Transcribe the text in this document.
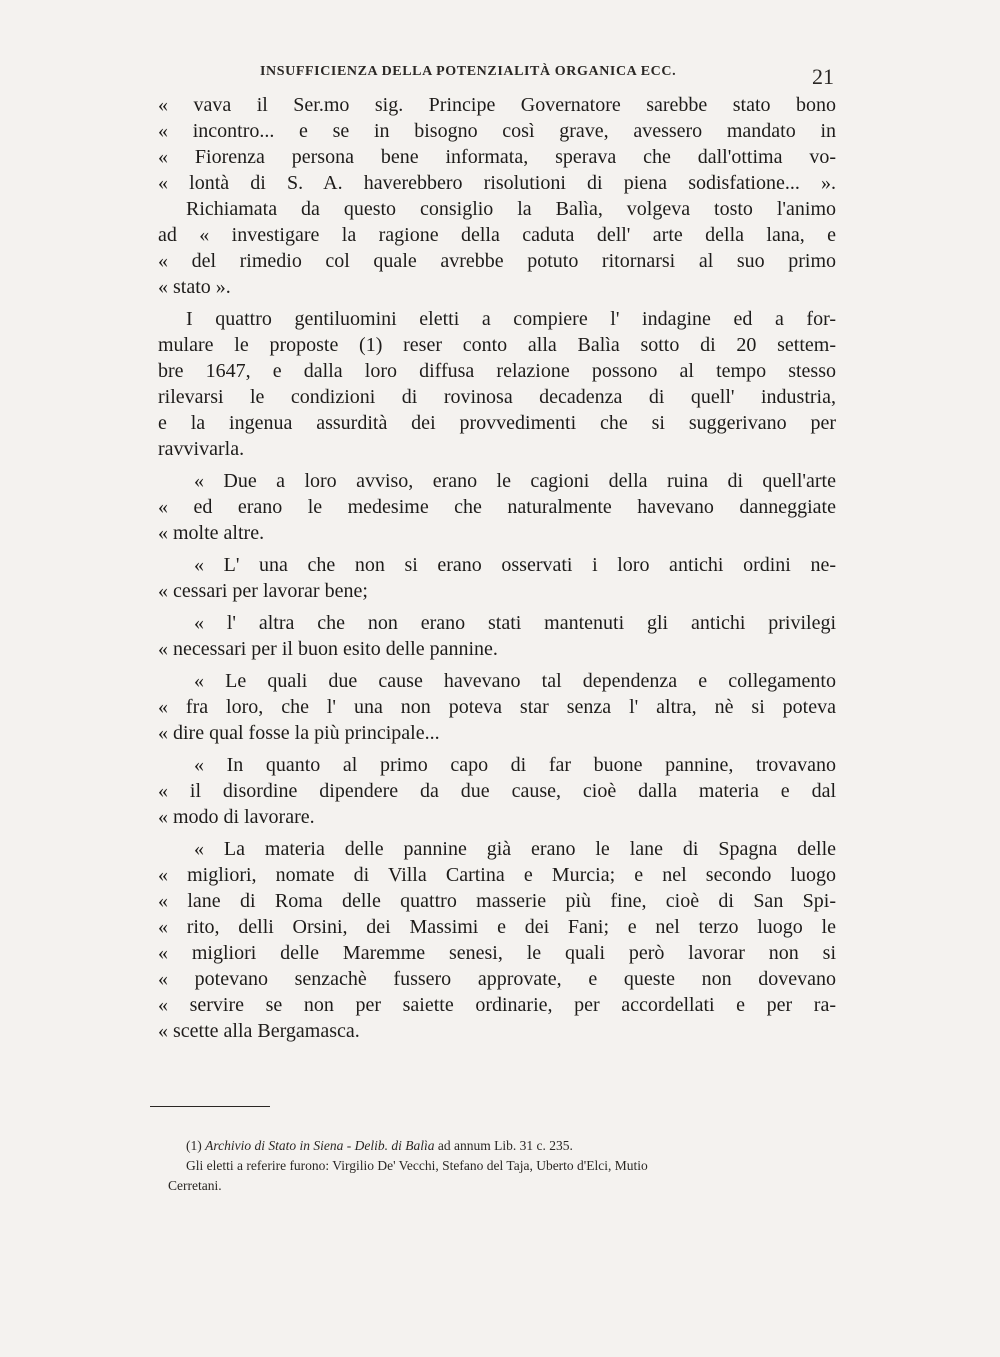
INSUFFICIENZA DELLA POTENZIALITÀ ORGANICA ECC.	21
« vava il Ser.mo sig. Principe Governatore sarebbe stato bono
« incontro... e se in bisogno così grave, avessero mandato in
« Fiorenza persona bene informata, sperava che dall'ottima vo-
« lontà di S. A. haverebbero risolutioni di piena sodisfatione... ».
Richiamata da questo consiglio la Balìa, volgeva tosto l'animo
ad « investigare la ragione della caduta dell' arte della lana, e
« del rimedio col quale avrebbe potuto ritornarsi al suo primo
« stato ».
I quattro gentiluomini eletti a compiere l' indagine ed a for-
mulare le proposte (1) reser conto alla Balìa sotto di 20 settem-
bre 1647, e dalla loro diffusa relazione possono al tempo stesso
rilevarsi le condizioni di rovinosa decadenza di quell' industria,
e la ingenua assurdità dei provvedimenti che si suggerivano per
ravvivarla.
« Due a loro avviso, erano le cagioni della ruina di quell'arte
« ed erano le medesime che naturalmente havevano danneggiate
« molte altre.
« L' una che non si erano osservati i loro antichi ordini ne-
« cessari per lavorar bene;
« l' altra che non erano stati mantenuti gli antichi privilegi
« necessari per il buon esito delle pannine.
« Le quali due cause havevano tal dependenza e collegamento
« fra loro, che l' una non poteva star senza l' altra, nè si poteva
« dire qual fosse la più principale...
« In quanto al primo capo di far buone pannine, trovavano
« il disordine dipendere da due cause, cioè dalla materia e dal
« modo di lavorare.
« La materia delle pannine già erano le lane di Spagna delle
« migliori, nomate di Villa Cartina e Murcia; e nel secondo luogo
« lane di Roma delle quattro masserie più fine, cioè di San Spi-
« rito, delli Orsini, dei Massimi e dei Fani; e nel terzo luogo le
« migliori delle Maremme senesi, le quali però lavorar non si
« potevano senzachè fussero approvate, e queste non dovevano
« servire se non per saiette ordinarie, per accordellati e per ra-
« scette alla Bergamasca.
(1) Archivio di Stato in Siena - Delib. di Balìa ad annum Lib. 31 c. 235.
Gli eletti a referire furono: Virgilio De' Vecchi, Stefano del Taja, Uberto d'Elci, Mutio
Cerretani.
